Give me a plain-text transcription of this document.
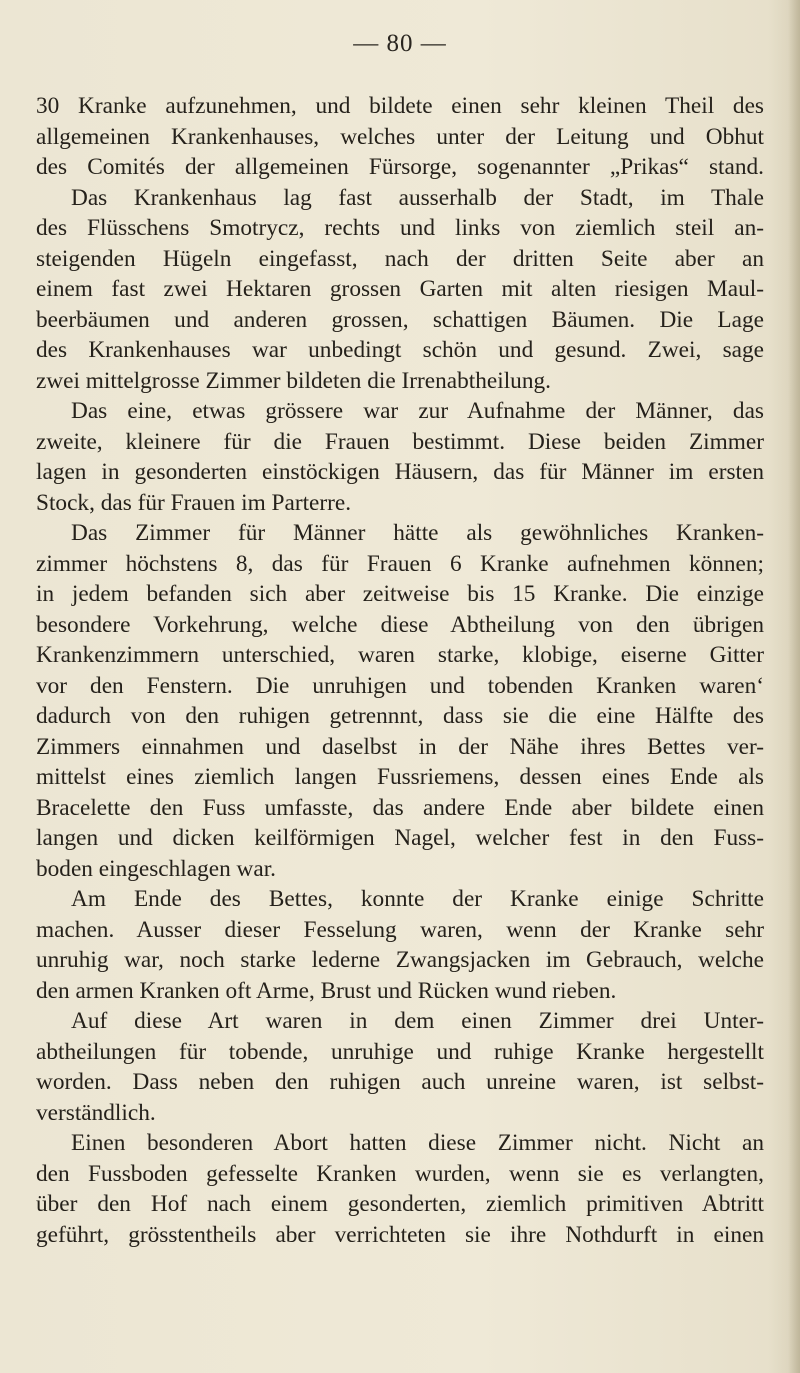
— 80 —
30 Kranke aufzunehmen, und bildete einen sehr kleinen Theil des
allgemeinen Krankenhauses, welches unter der Leitung und Obhut
des Comités der allgemeinen Fürsorge, sogenannter „Prikas“ stand.
Das Krankenhaus lag fast ausserhalb der Stadt, im Thale
des Flüsschens Smotrycz, rechts und links von ziemlich steil an-
steigenden Hügeln eingefasst, nach der dritten Seite aber an
einem fast zwei Hektaren grossen Garten mit alten riesigen Maul-
beerbäumen und anderen grossen, schattigen Bäumen. Die Lage
des Krankenhauses war unbedingt schön und gesund. Zwei, sage
zwei mittelgrosse Zimmer bildeten die Irrenabtheilung.
Das eine, etwas grössere war zur Aufnahme der Männer, das
zweite, kleinere für die Frauen bestimmt. Diese beiden Zimmer
lagen in gesonderten einstöckigen Häusern, das für Männer im ersten
Stock, das für Frauen im Parterre.
Das Zimmer für Männer hätte als gewöhnliches Kranken-
zimmer höchstens 8, das für Frauen 6 Kranke aufnehmen können;
in jedem befanden sich aber zeitweise bis 15 Kranke. Die einzige
besondere Vorkehrung, welche diese Abtheilung von den übrigen
Krankenzimmern unterschied, waren starke, klobige, eiserne Gitter
vor den Fenstern. Die unruhigen und tobenden Kranken waren‘
dadurch von den ruhigen getrennnt, dass sie die eine Hälfte des
Zimmers einnahmen und daselbst in der Nähe ihres Bettes ver-
mittelst eines ziemlich langen Fussriemens, dessen eines Ende als
Bracelette den Fuss umfasste, das andere Ende aber bildete einen
langen und dicken keilförmigen Nagel, welcher fest in den Fuss-
boden eingeschlagen war.
Am Ende des Bettes, konnte der Kranke einige Schritte
machen. Ausser dieser Fesselung waren, wenn der Kranke sehr
unruhig war, noch starke lederne Zwangsjacken im Gebrauch, welche
den armen Kranken oft Arme, Brust und Rücken wund rieben.
Auf diese Art waren in dem einen Zimmer drei Unter-
abtheilungen für tobende, unruhige und ruhige Kranke hergestellt
worden. Dass neben den ruhigen auch unreine waren, ist selbst-
verständlich.
Einen besonderen Abort hatten diese Zimmer nicht. Nicht an
den Fussboden gefesselte Kranken wurden, wenn sie es verlangten,
über den Hof nach einem gesonderten, ziemlich primitiven Abtritt
geführt, grösstentheils aber verrichteten sie ihre Nothdurft in einen
